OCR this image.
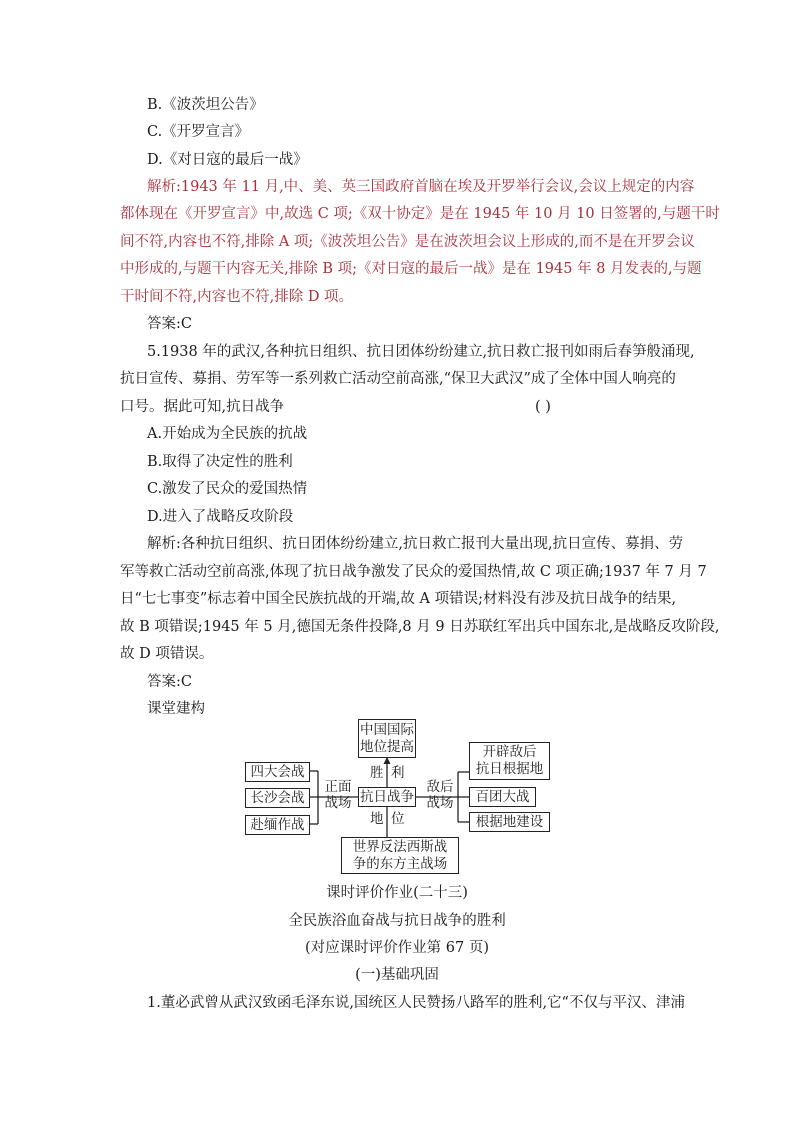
B.《波茨坦公告》
C.《开罗宣言》
D.《对日寇的最后一战》
解析:1943 年 11 月,中、美、英三国政府首脑在埃及开罗举行会议,会议上规定的内容
都体现在《开罗宣言》中,故选 C 项;《双十协定》是在 1945 年 10 月 10 日签署的,与题干时
间不符,内容也不符,排除 A 项;《波茨坦公告》是在波茨坦会议上形成的,而不是在开罗会议
中形成的,与题干内容无关,排除 B 项;《对日寇的最后一战》是在 1945 年 8 月发表的,与题
干时间不符,内容也不符,排除 D 项。
答案:C
5.1938 年的武汉,各种抗日组织、抗日团体纷纷建立,抗日救亡报刊如雨后春笋般涌现,
抗日宣传、募捐、劳军等一系列救亡活动空前高涨,“保卫大武汉”成了全体中国人响亮的
口号。据此可知,抗日战争	( )
A.开始成为全民族的抗战
B.取得了决定性的胜利
C.激发了民众的爱国热情
D.进入了战略反攻阶段
解析:各种抗日组织、抗日团体纷纷建立,抗日救亡报刊大量出现,抗日宣传、募捐、劳
军等救亡活动空前高涨,体现了抗日战争激发了民众的爱国热情,故 C 项正确;1937 年 7 月 7
日“七七事变”标志着中国全民族抗战的开端,故 A 项错误;材料没有涉及抗日战争的结果,
故 B 项错误;1945 年 5 月,德国无条件投降,8 月 9 日苏联红军出兵中国东北,是战略反攻阶段,
故 D 项错误。
答案:C
课堂建构
中国国际
地位提高
胜 利
四大会战
长沙会战
赴缅作战
正面
战场 抗日战争
地 位
敌后
战场
开辟敌后
抗日根据地
百团大战
根据地建设
世界反法西斯战
争的东方主战场
课时评价作业(二十三)
全民族浴血奋战与抗日战争的胜利
(对应课时评价作业第 67 页)
(一)基础巩固
1.董必武曾从武汉致函毛泽东说,国统区人民赞扬八路军的胜利,它“不仅与平汉、津浦
